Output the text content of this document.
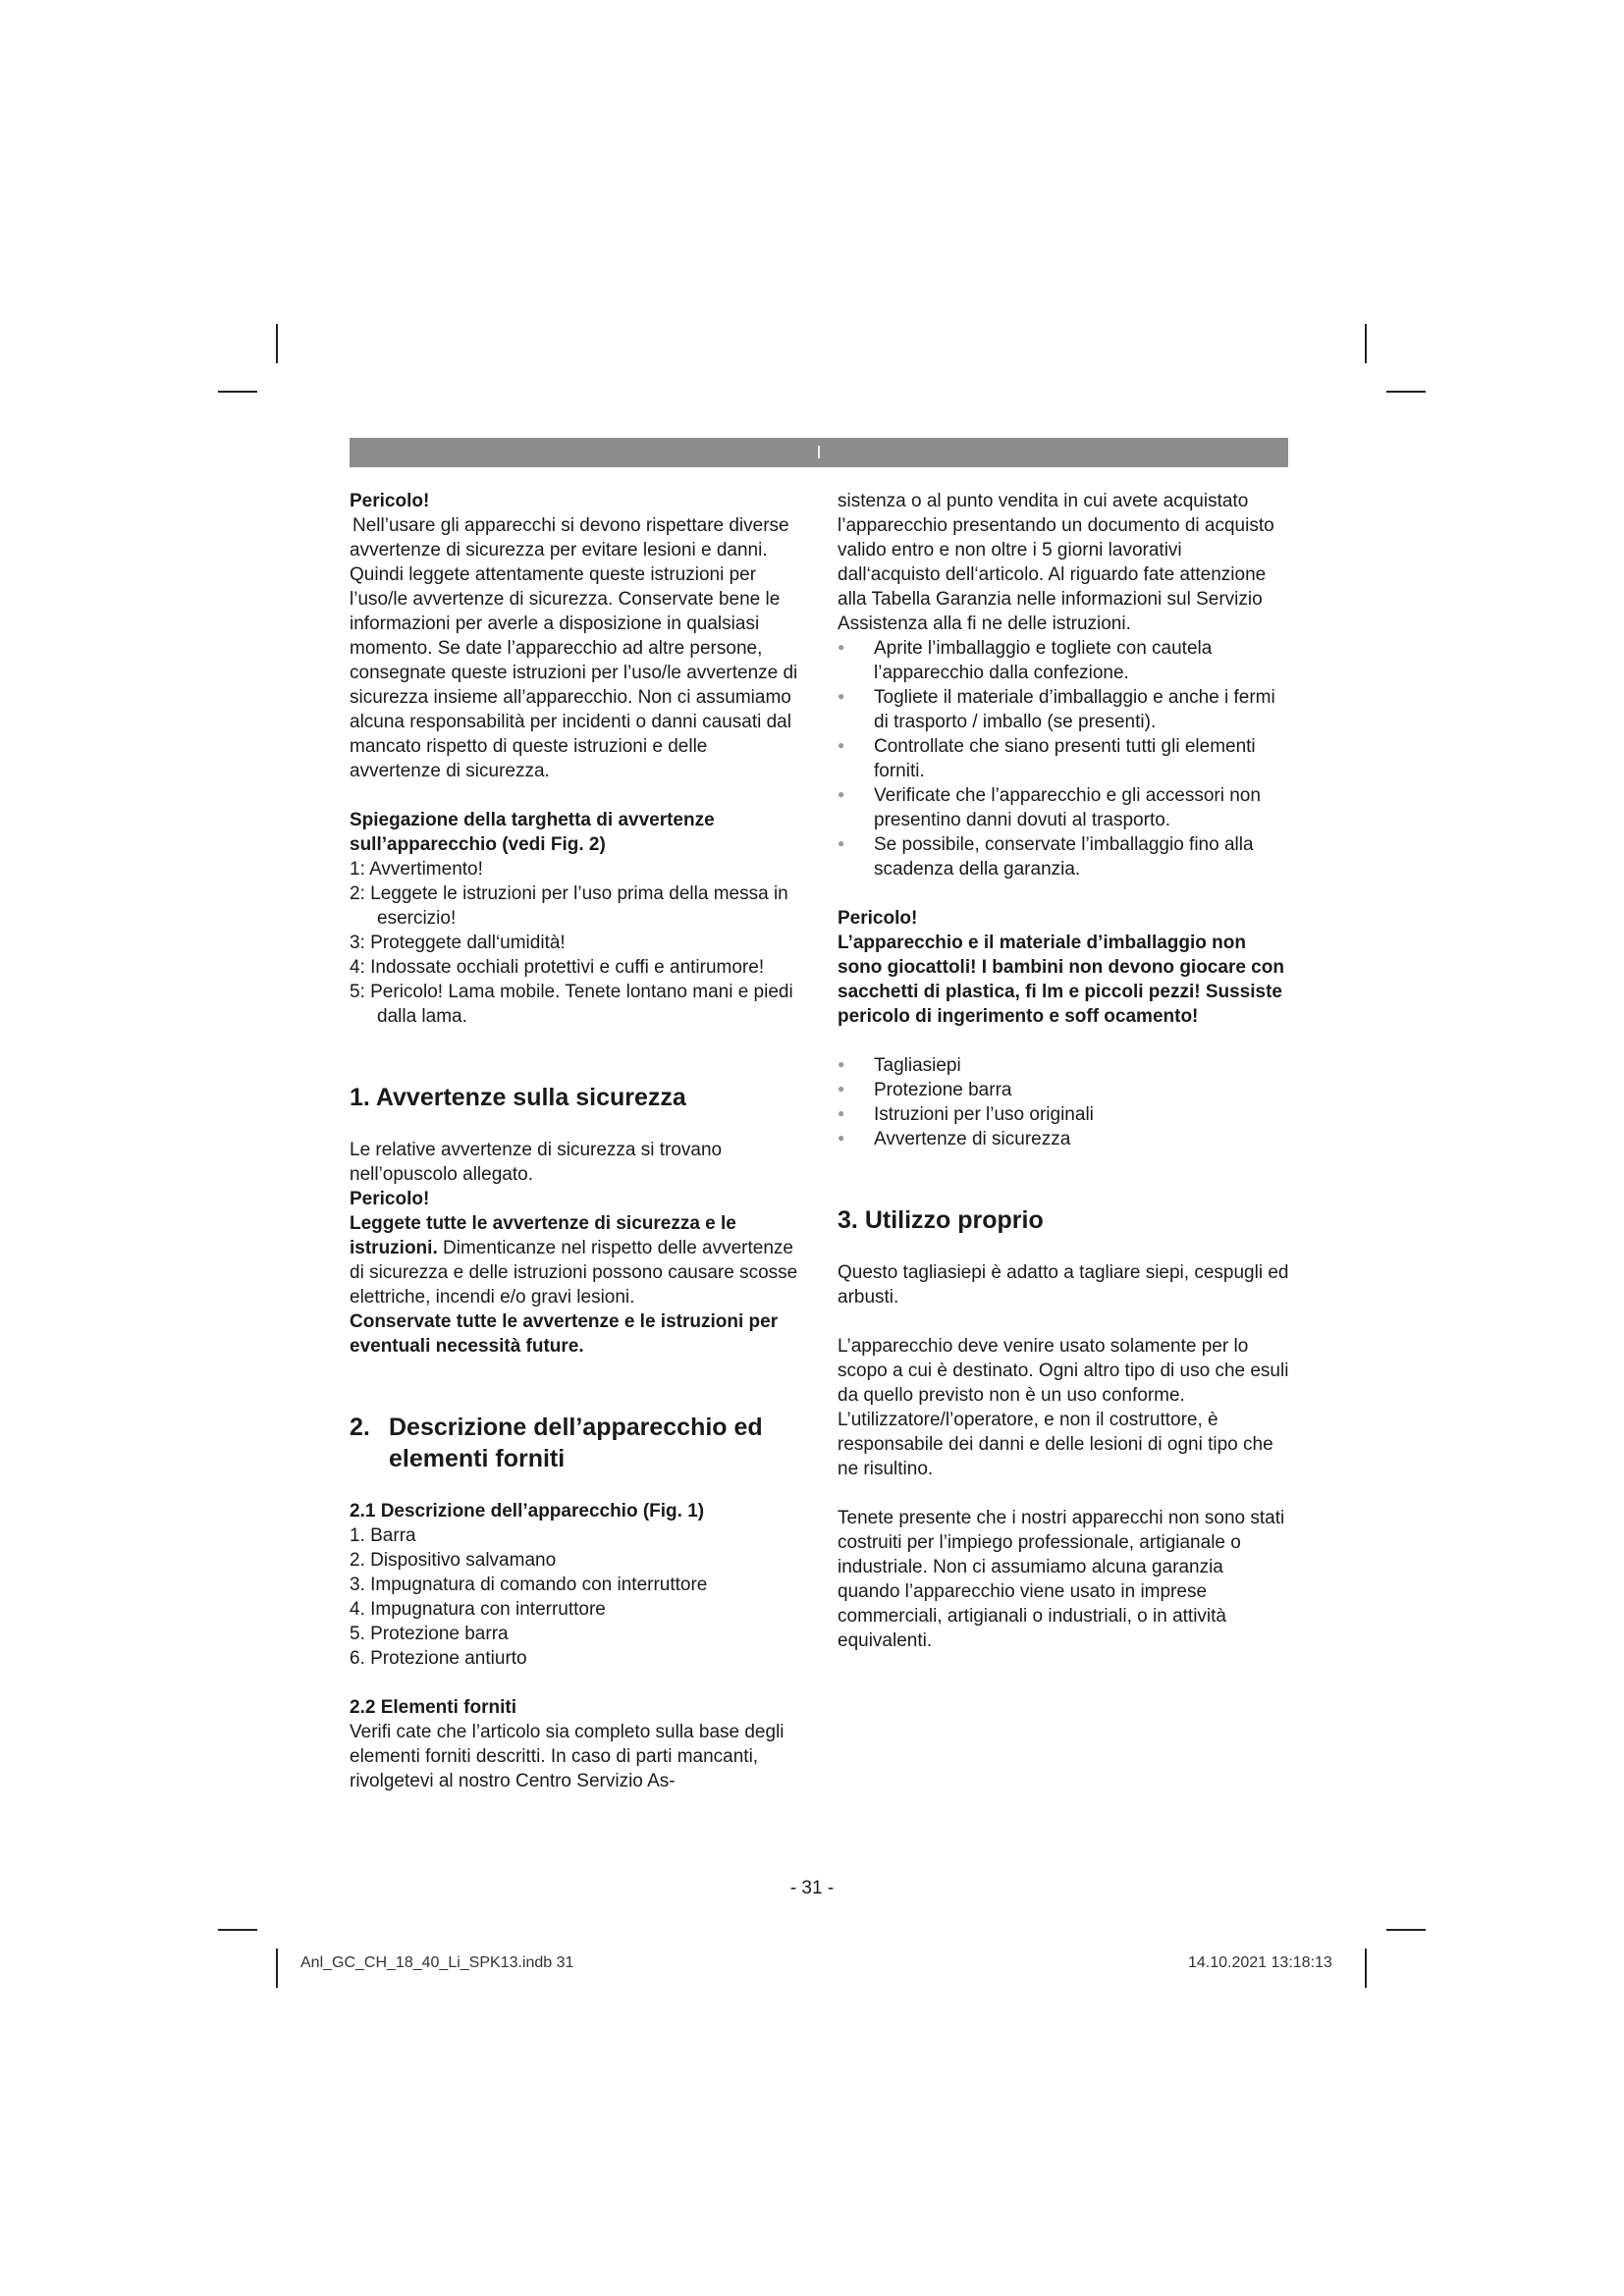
I

Pericolo!

Nell’usare gli apparecchi si devono rispettare diverse avvertenze di sicurezza per evitare lesioni e danni. Quindi leggete attentamente queste istruzioni per l’uso/le avvertenze di sicurezza. Conservate bene le informazioni per averle a disposizione in qualsiasi momento. Se date l’apparecchio ad altre persone, consegnate queste istruzioni per l’uso/le avvertenze di sicurezza insieme all’apparecchio. Non ci assumiamo alcuna responsabilità per incidenti o danni causati dal mancato rispetto di queste istruzioni e delle avvertenze di sicurezza.

Spiegazione della targhetta di avvertenze sull’apparecchio (vedi Fig. 2)

1: Avvertimento!
2: Leggete le istruzioni per l’uso prima della messa in esercizio!
3: Proteggete dall‘umidità!
4: Indossate occhiali protettivi e cuffi e antirumore!
5: Pericolo! Lama mobile. Tenete lontano mani e piedi dalla lama.

1. Avvertenze sulla sicurezza

Le relative avvertenze di sicurezza si trovano nell’opuscolo allegato.

Pericolo!

Leggete tutte le avvertenze di sicurezza e le istruzioni. Dimenticanze nel rispetto delle avvertenze di sicurezza e delle istruzioni possono causare scosse elettriche, incendi e/o gravi lesioni.

Conservate tutte le avvertenze e le istruzioni per eventuali necessità future.

2. Descrizione dell’apparecchio ed elementi forniti

2.1 Descrizione dell’apparecchio (Fig. 1)

1. Barra
2. Dispositivo salvamano
3. Impugnatura di comando con interruttore
4. Impugnatura con interruttore
5. Protezione barra
6. Protezione antiurto

2.2 Elementi forniti

Verifi cate che l’articolo sia completo sulla base degli elementi forniti descritti. In caso di parti mancanti, rivolgetevi al nostro Centro Servizio As-

sistenza o al punto vendita in cui avete acquistato l’apparecchio presentando un documento di acquisto valido entro e non oltre i 5 giorni lavorativi dall‘acquisto dell‘articolo. Al riguardo fate attenzione alla Tabella Garanzia nelle informazioni sul Servizio Assistenza alla fi ne delle istruzioni.

● Aprite l’imballaggio e togliete con cautela l’apparecchio dalla confezione.
● Togliete il materiale d’imballaggio e anche i fermi di trasporto / imballo (se presenti).
● Controllate che siano presenti tutti gli elementi forniti.
● Verificate che l’apparecchio e gli accessori non presentino danni dovuti al trasporto.
● Se possibile, conservate l’imballaggio fino alla scadenza della garanzia.

Pericolo!

L’apparecchio e il materiale d’imballaggio non sono giocattoli! I bambini non devono giocare con sacchetti di plastica, fi lm e piccoli pezzi! Sussiste pericolo di ingerimento e soff ocamento!

● Tagliasiepi
● Protezione barra
● Istruzioni per l’uso originali
● Avvertenze di sicurezza

3. Utilizzo proprio

Questo tagliasiepi è adatto a tagliare siepi, cespugli ed arbusti.

L’apparecchio deve venire usato solamente per lo scopo a cui è destinato. Ogni altro tipo di uso che esuli da quello previsto non è un uso conforme. L’utilizzatore/l’operatore, e non il costruttore, è responsabile dei danni e delle lesioni di ogni tipo che ne risultino.

Tenete presente che i nostri apparecchi non sono stati costruiti per l’impiego professionale, artigianale o industriale. Non ci assumiamo alcuna garanzia quando l’apparecchio viene usato in imprese commerciali, artigianali o industriali, o in attività equivalenti.

- 31 -
Anl_GC_CH_18_40_Li_SPK13.indb 31	14.10.2021 13:18:13
